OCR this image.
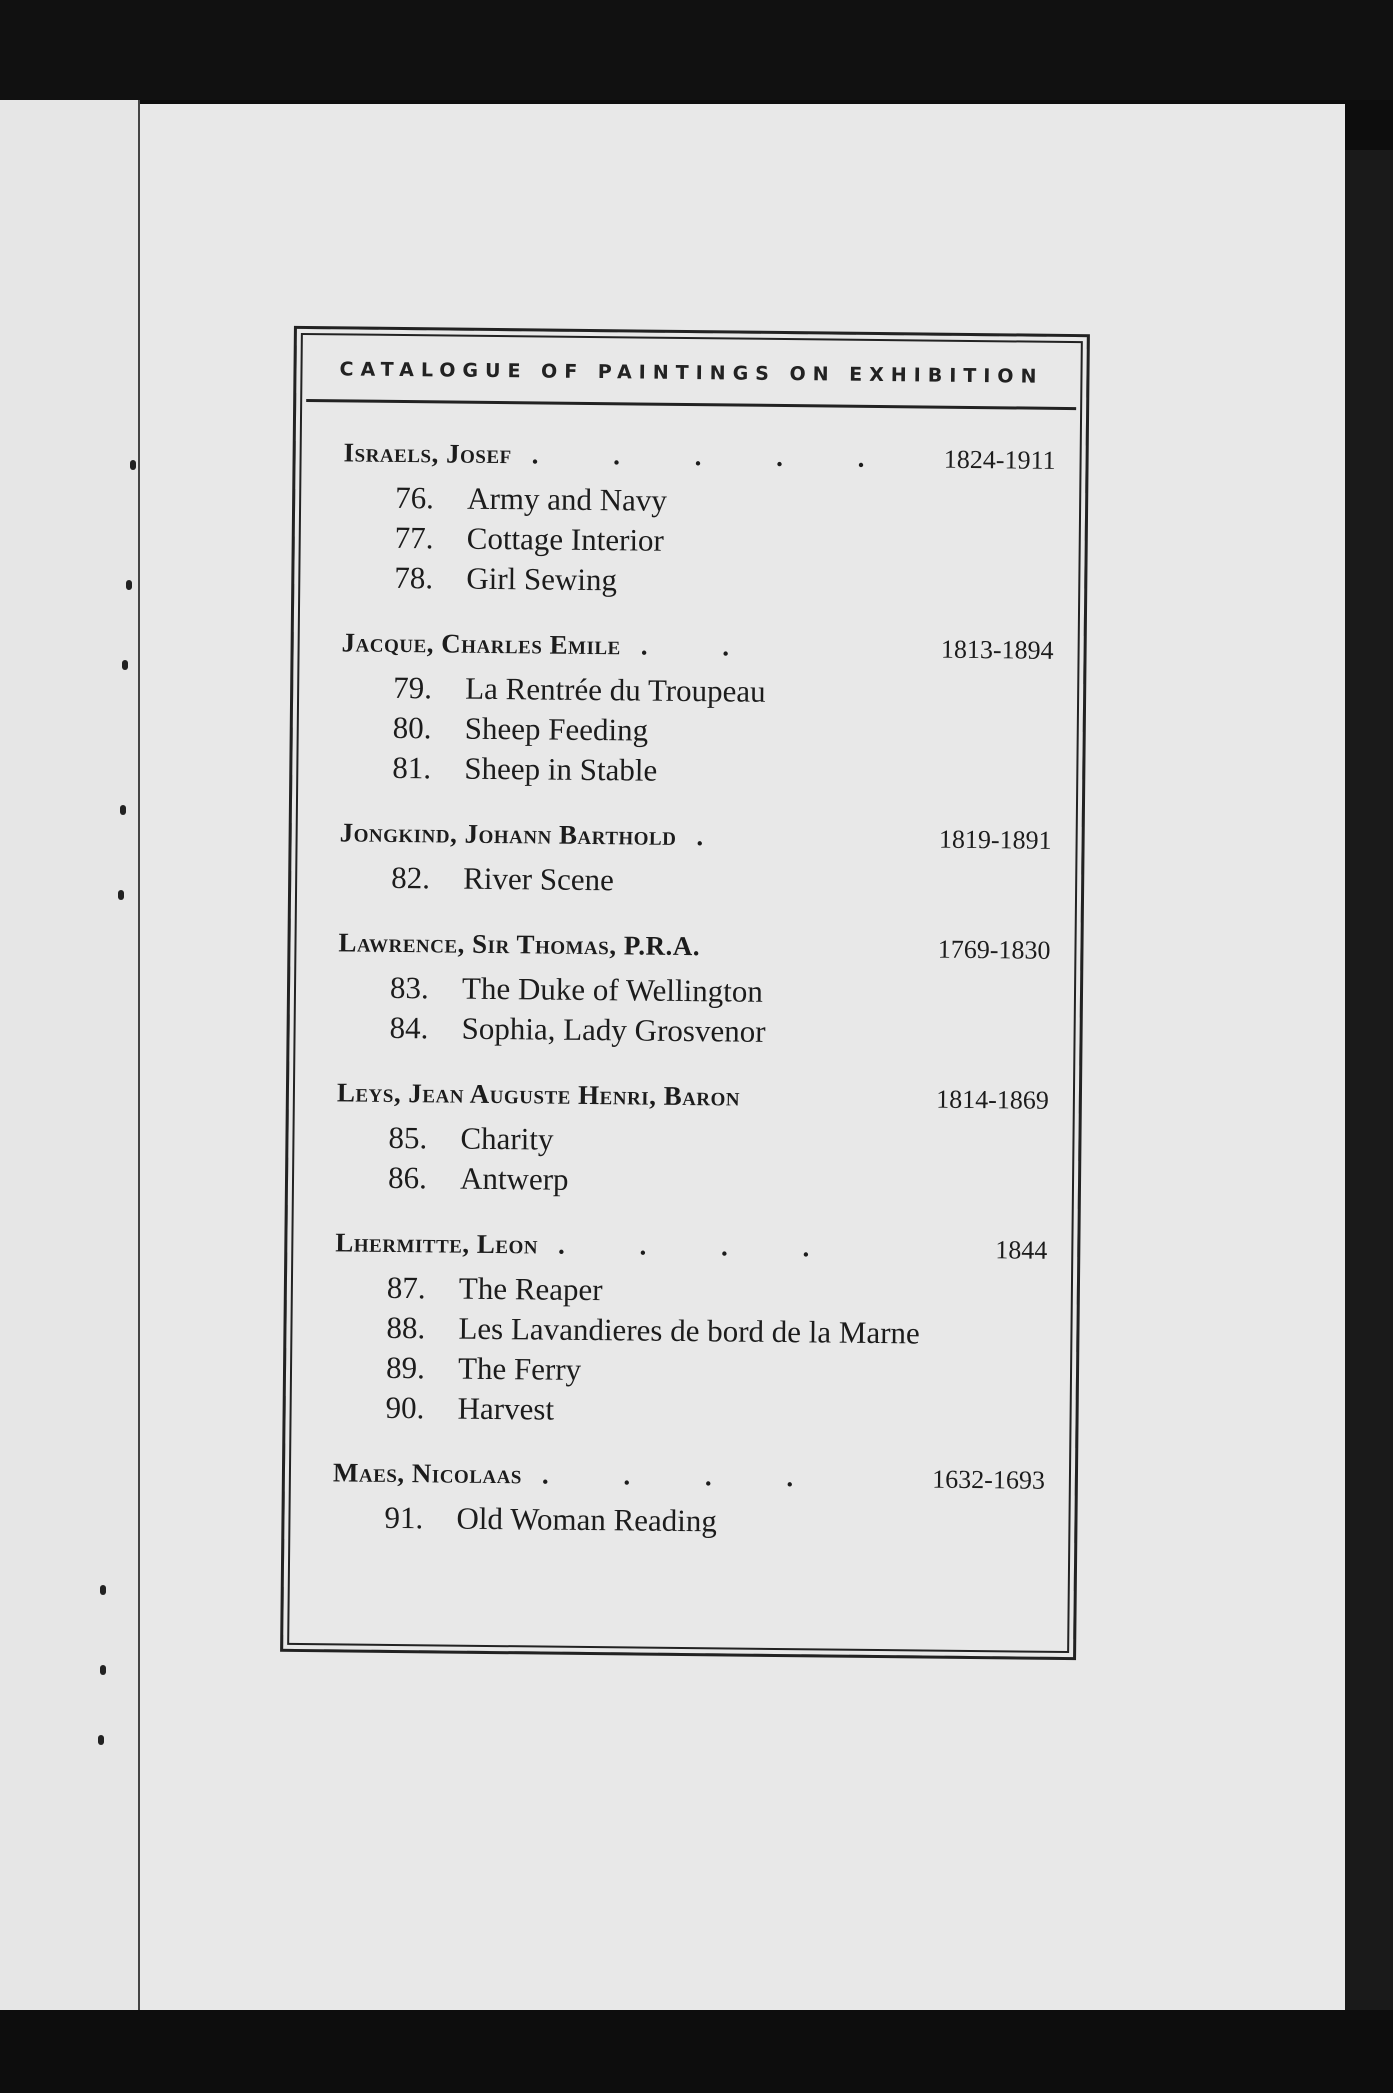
CATALOGUE OF PAINTINGS ON EXHIBITION
Israels, Josef . . . . .	1824-1911
76.	Army and Navy
77.	Cottage Interior
78.	Girl Sewing
Jacque, Charles Emile . .	1813-1894
79.	La Rentrée du Troupeau
80.	Sheep Feeding
81.	Sheep in Stable
Jongkind, Johann Barthold .	1819-1891
82.	River Scene
Lawrence, Sir Thomas, P.R.A.	1769-1830
83.	The Duke of Wellington
84.	Sophia, Lady Grosvenor
Leys, Jean Auguste Henri, Baron	1814-1869
85.	Charity
86.	Antwerp
Lhermitte, Leon . . . .	1844
87.	The Reaper
88.	Les Lavandieres de bord de la Marne
89.	The Ferry
90.	Harvest
Maes, Nicolaas . . . .	1632-1693
91.	Old Woman Reading
